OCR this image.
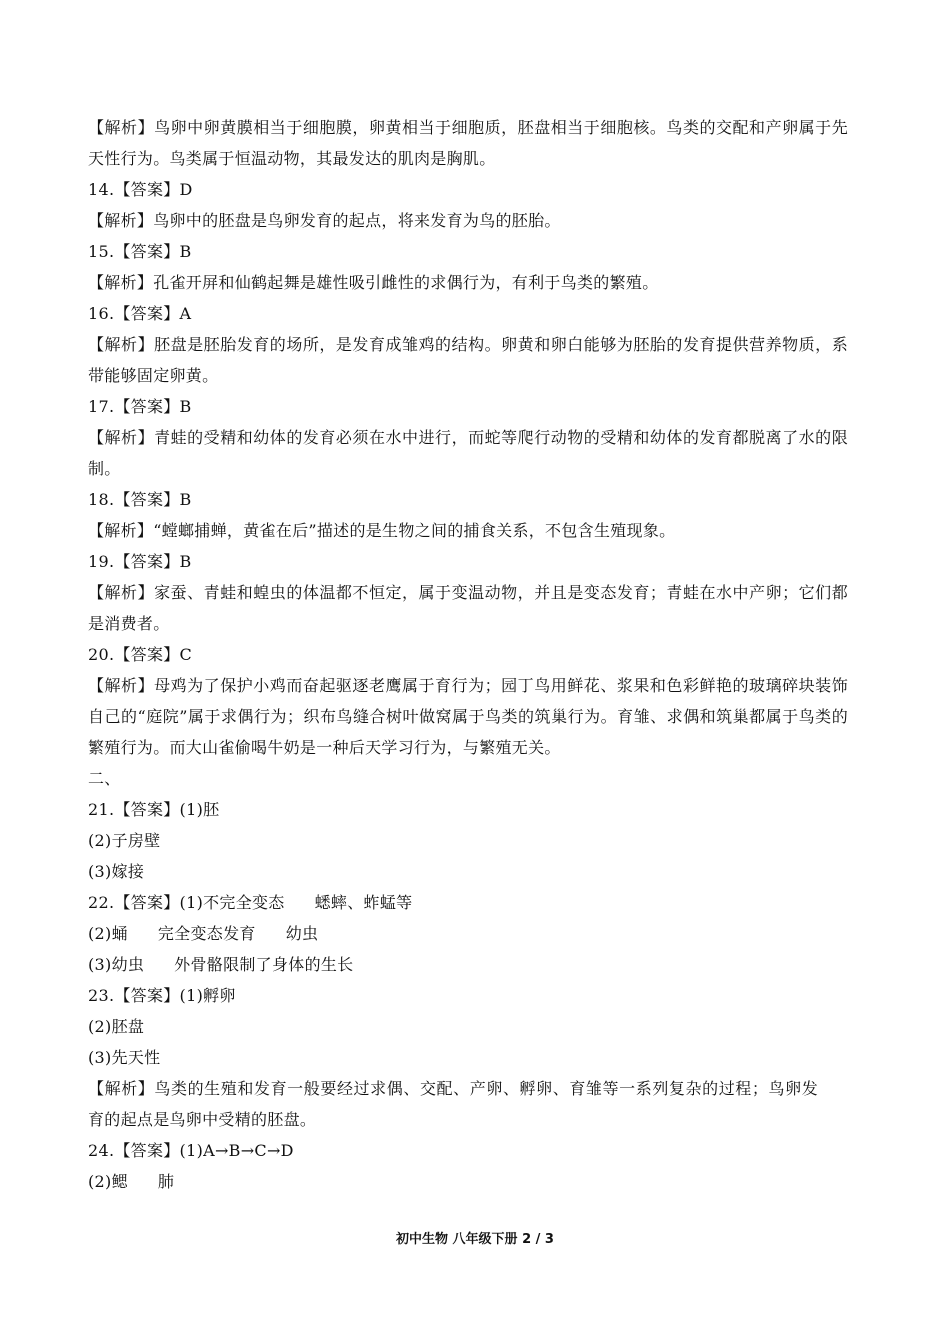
【解析】鸟卵中卵黄膜相当于细胞膜，卵黄相当于细胞质，胚盘相当于细胞核。鸟类的交配和产卵属于先天性行为。鸟类属于恒温动物，其最发达的肌肉是胸肌。
14.【答案】D
【解析】鸟卵中的胚盘是鸟卵发育的起点，将来发育为鸟的胚胎。
15.【答案】B
【解析】孔雀开屏和仙鹤起舞是雄性吸引雌性的求偶行为，有利于鸟类的繁殖。
16.【答案】A
【解析】胚盘是胚胎发育的场所，是发育成雏鸡的结构。卵黄和卵白能够为胚胎的发育提供营养物质，系带能够固定卵黄。
17.【答案】B
【解析】青蛙的受精和幼体的发育必须在水中进行，而蛇等爬行动物的受精和幼体的发育都脱离了水的限制。
18.【答案】B
【解析】“螳螂捕蝉，黄雀在后”描述的是生物之间的捕食关系，不包含生殖现象。
19.【答案】B
【解析】家蚕、青蛙和蝗虫的体温都不恒定，属于变温动物，并且是变态发育；青蛙在水中产卵；它们都是消费者。
20.【答案】C
【解析】母鸡为了保护小鸡而奋起驱逐老鹰属于育行为；园丁鸟用鲜花、浆果和色彩鲜艳的玻璃碎块装饰自己的“庭院”属于求偶行为；织布鸟缝合树叶做窝属于鸟类的筑巢行为。育雏、求偶和筑巢都属于鸟类的繁殖行为。而大山雀偷喝牛奶是一种后天学习行为，与繁殖无关。
二、
21.【答案】(1)胚
(2)子房壁
(3)嫁接
22.【答案】(1)不完全变态 蟋蟀、蚱蜢等
(2)蛹 完全变态发育 幼虫
(3)幼虫 外骨骼限制了身体的生长
23.【答案】(1)孵卵
(2)胚盘
(3)先天性
【解析】鸟类的生殖和发育一般要经过求偶、交配、产卵、孵卵、育雏等一系列复杂的过程；鸟卵发育的起点是鸟卵中受精的胚盘。
24.【答案】(1)A→B→C→D
(2)鳃 肺
初中生物 八年级下册 2 / 3
